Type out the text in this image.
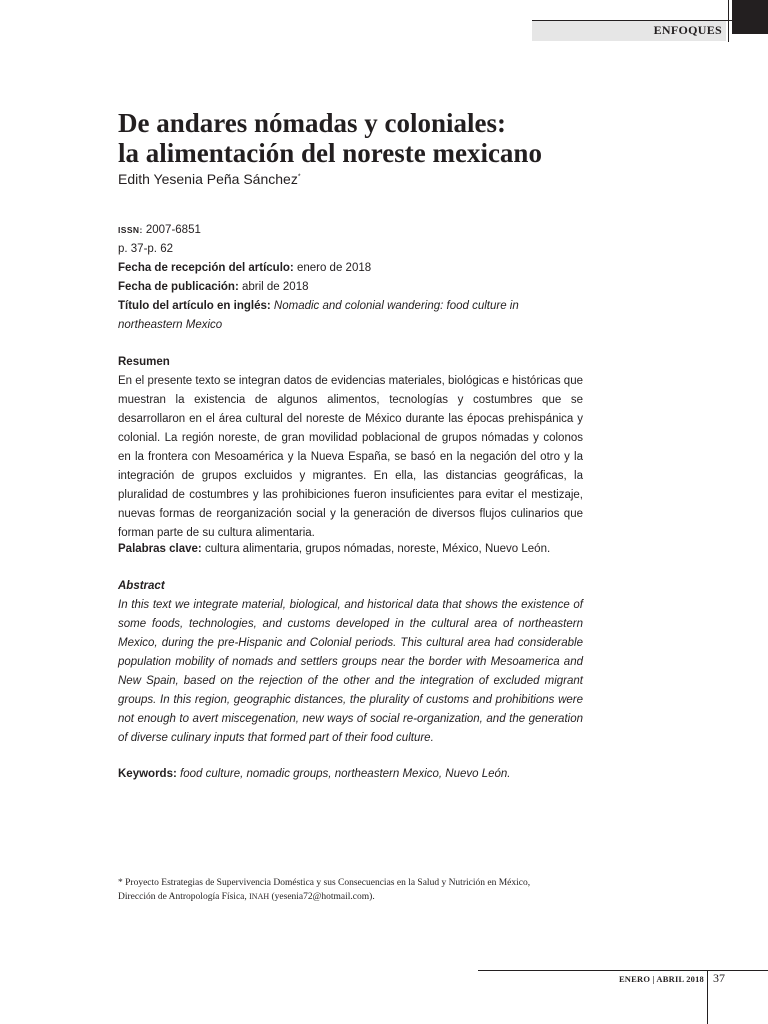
ENFOQUES
De andares nómadas y coloniales:
la alimentación del noreste mexicano
Edith Yesenia Peña Sánchez*
ISSN: 2007-6851
p. 37-p. 62
Fecha de recepción del artículo: enero de 2018
Fecha de publicación: abril de 2018
Título del artículo en inglés: Nomadic and colonial wandering: food culture in northeastern Mexico
Resumen
En el presente texto se integran datos de evidencias materiales, biológicas e históricas que muestran la existencia de algunos alimentos, tecnologías y costumbres que se desarrollaron en el área cultural del noreste de México durante las épocas prehispánica y colonial. La región noreste, de gran movilidad poblacional de grupos nómadas y colonos en la frontera con Mesoamérica y la Nueva España, se basó en la negación del otro y la integración de grupos excluidos y migrantes. En ella, las distancias geográficas, la pluralidad de costumbres y las prohibiciones fueron insuficientes para evitar el mestizaje, nuevas formas de reorganización social y la generación de diversos flujos culinarios que forman parte de su cultura alimentaria.
Palabras clave: cultura alimentaria, grupos nómadas, noreste, México, Nuevo León.
Abstract
In this text we integrate material, biological, and historical data that shows the existence of some foods, technologies, and customs developed in the cultural area of northeastern Mexico, during the pre-Hispanic and Colonial periods. This cultural area had considerable population mobility of nomads and settlers groups near the border with Mesoamerica and New Spain, based on the rejection of the other and the integration of excluded migrant groups. In this region, geographic distances, the plurality of customs and prohibitions were not enough to avert miscegenation, new ways of social re-organization, and the generation of diverse culinary inputs that formed part of their food culture.
Keywords: food culture, nomadic groups, northeastern Mexico, Nuevo León.
* Proyecto Estrategias de Supervivencia Doméstica y sus Consecuencias en la Salud y Nutrición en México,
Dirección de Antropología Física, INAH (yesenia72@hotmail.com).
ENERO | ABRIL 2018 37
